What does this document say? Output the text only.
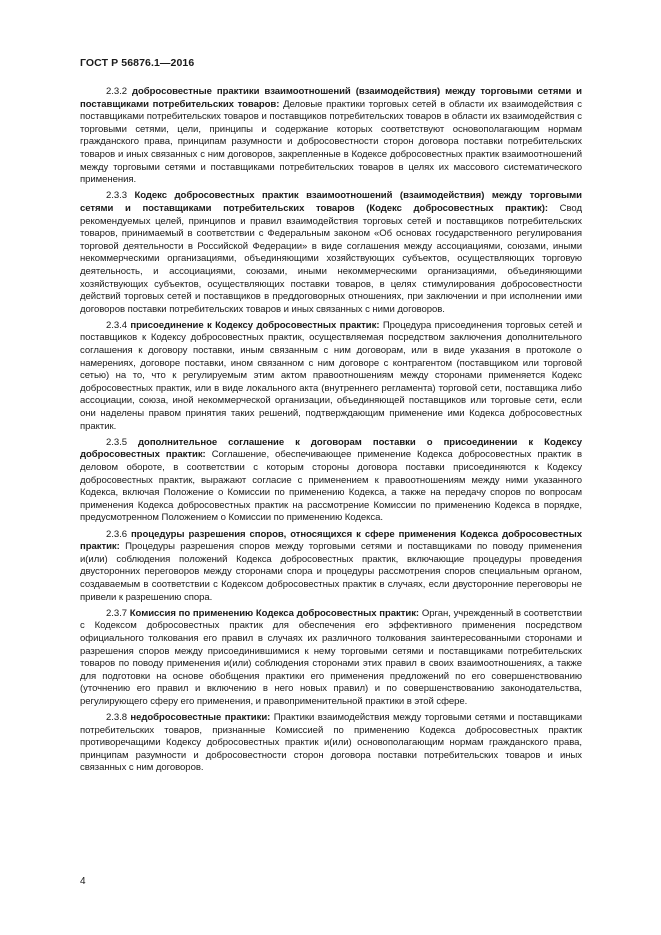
ГОСТ Р 56876.1—2016

2.3.2 добросовестные практики взаимоотношений (взаимодействия) между торговыми сетями и поставщиками потребительских товаров: Деловые практики торговых сетей в области их взаимодействия с поставщиками потребительских товаров и поставщиков потребительских товаров в области их взаимодействия с торговыми сетями, цели, принципы и содержание которых соответствуют основополагающим нормам гражданского права, принципам разумности и добросовестности сторон договора поставки потребительских товаров и иных связанных с ним договоров, закрепленные в Кодексе добросовестных практик взаимоотношений между торговыми сетями и поставщиками потребительских товаров в целях их массового систематического применения.

2.3.3 Кодекс добросовестных практик взаимоотношений (взаимодействия) между торговыми сетями и поставщиками потребительских товаров (Кодекс добросовестных практик): Свод рекомендуемых целей, принципов и правил взаимодействия торговых сетей и поставщиков потребительских товаров, принимаемый в соответствии с Федеральным законом «Об основах государственного регулирования торговой деятельности в Российской Федерации» в виде соглашения между ассоциациями, союзами, иными некоммерческими организациями, объединяющими хозяйствующих субъектов, осуществляющих торговую деятельность, и ассоциациями, союзами, иными некоммерческими организациями, объединяющими хозяйствующих субъектов, осуществляющих поставки товаров, в целях стимулирования добросовестности действий торговых сетей и поставщиков в преддоговорных отношениях, при заключении и при исполнении ими договоров поставки потребительских товаров и иных связанных с ними договоров.

2.3.4 присоединение к Кодексу добросовестных практик: Процедура присоединения торговых сетей и поставщиков к Кодексу добросовестных практик, осуществляемая посредством заключения дополнительного соглашения к договору поставки, иным связанным с ним договорам, или в виде указания в протоколе о намерениях, договоре поставки, ином связанном с ним договоре с контрагентом (поставщиком или торговой сетью) на то, что к регулируемым этим актом правоотношениям между сторонами применяется Кодекс добросовестных практик, или в виде локального акта (внутреннего регламента) торговой сети, поставщика либо ассоциации, союза, иной некоммерческой организации, объединяющей поставщиков или торговые сети, если они наделены правом принятия таких решений, подтверждающим применение ими Кодекса добросовестных практик.

2.3.5 дополнительное соглашение к договорам поставки о присоединении к Кодексу добросовестных практик: Соглашение, обеспечивающее применение Кодекса добросовестных практик в деловом обороте, в соответствии с которым стороны договора поставки присоединяются к Кодексу добросовестных практик, выражают согласие с применением к правоотношениям между ними указанного Кодекса, включая Положение о Комиссии по применению Кодекса, а также на передачу споров по вопросам применения Кодекса добросовестных практик на рассмотрение Комиссии по применению Кодекса в порядке, предусмотренном Положением о Комиссии по применению Кодекса.

2.3.6 процедуры разрешения споров, относящихся к сфере применения Кодекса добросовестных практик: Процедуры разрешения споров между торговыми сетями и поставщиками по поводу применения и(или) соблюдения положений Кодекса добросовестных практик, включающие процедуры проведения двусторонних переговоров между сторонами спора и процедуры рассмотрения споров специальным органом, создаваемым в соответствии с Кодексом добросовестных практик в случаях, если двусторонние переговоры не привели к разрешению спора.

2.3.7 Комиссия по применению Кодекса добросовестных практик: Орган, учрежденный в соответствии с Кодексом добросовестных практик для обеспечения его эффективного применения посредством официального толкования его правил в случаях их различного толкования заинтересованными сторонами и разрешения споров между присоединившимися к нему торговыми сетями и поставщиками потребительских товаров по поводу применения и(или) соблюдения сторонами этих правил в своих взаимоотношениях, а также для подготовки на основе обобщения практики его применения предложений по его совершенствованию (уточнению его правил и включению в него новых правил) и по совершенствованию законодательства, регулирующего сферу его применения, и правоприменительной практики в этой сфере.

2.3.8 недобросовестные практики: Практики взаимодействия между торговыми сетями и поставщиками потребительских товаров, признанные Комиссией по применению Кодекса добросовестных практик противоречащими Кодексу добросовестных практик и(или) основополагающим нормам гражданского права, принципам разумности и добросовестности сторон договора поставки потребительских товаров и иных связанных с ним договоров.

4
